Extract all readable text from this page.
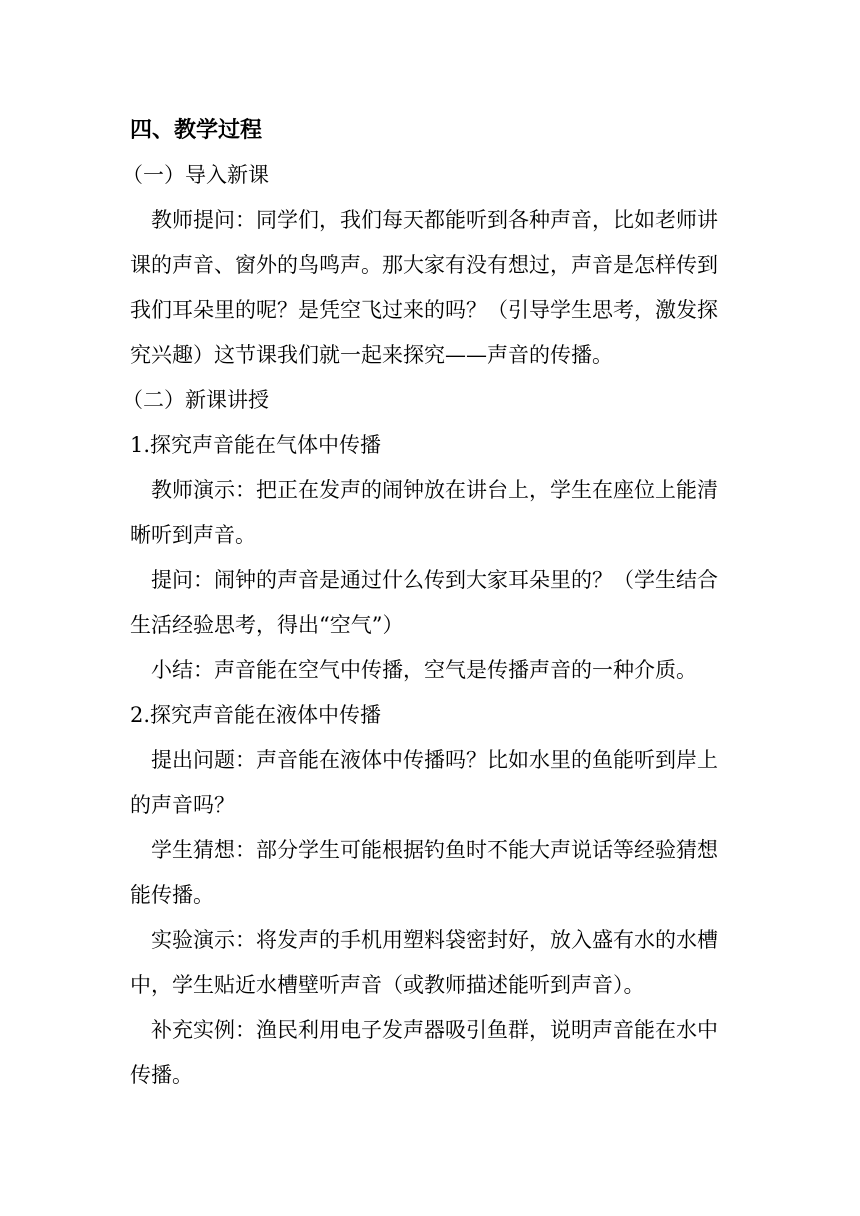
四、教学过程
（一）导入新课
教师提问：同学们，我们每天都能听到各种声音，比如老师讲
课的声音、窗外的鸟鸣声。那大家有没有想过，声音是怎样传到
我们耳朵里的呢？是凭空飞过来的吗？（引导学生思考，激发探
究兴趣）这节课我们就一起来探究——声音的传播。
（二）新课讲授
1.探究声音能在气体中传播
教师演示：把正在发声的闹钟放在讲台上，学生在座位上能清
晰听到声音。
提问：闹钟的声音是通过什么传到大家耳朵里的？（学生结合
生活经验思考，得出“空气”）
小结：声音能在空气中传播，空气是传播声音的一种介质。
2.探究声音能在液体中传播
提出问题：声音能在液体中传播吗？比如水里的鱼能听到岸上
的声音吗？
学生猜想：部分学生可能根据钓鱼时不能大声说话等经验猜想
能传播。
实验演示：将发声的手机用塑料袋密封好，放入盛有水的水槽
中，学生贴近水槽壁听声音（或教师描述能听到声音）。
补充实例：渔民利用电子发声器吸引鱼群，说明声音能在水中
传播。
